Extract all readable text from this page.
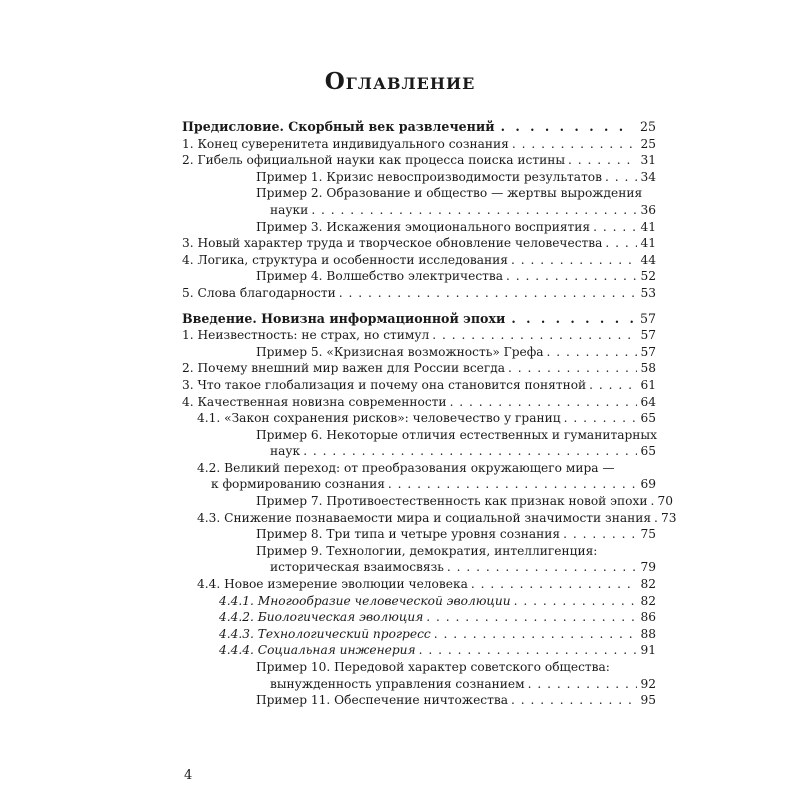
Оглавление
Предисловие. Скорбный век развлечений . . .	25
1. Конец суверенитета индивидуального сознания . . .	25
2. Гибель официальной науки как процесса поиска истины . . .	31
Пример 1. Кризис невоспроизводимости результатов . . .	34
Пример 2. Образование и общество — жертвы вырождения
науки . . .	36
Пример 3. Искажения эмоционального восприятия . . .	41
3. Новый характер труда и творческое обновление человечества . . .	41
4. Логика, структура и особенности исследования . . .	44
Пример 4. Волшебство электричества . . .	52
5. Слова благодарности . . .	53
Введение. Новизна информационной эпохи . . .	57
1. Неизвестность: не страх, но стимул . . .	57
Пример 5. «Кризисная возможность» Грефа . . .	57
2. Почему внешний мир важен для России всегда . . .	58
3. Что такое глобализация и почему она становится понятной . . .	61
4. Качественная новизна современности . . .	64
4.1. «Закон сохранения рисков»: человечество у границ . . .	65
Пример 6. Некоторые отличия естественных и гуманитарных
наук . . .	65
4.2. Великий переход: от преобразования окружающего мира —
к формированию сознания . . .	69
Пример 7. Противоестественность как признак новой эпохи . . . 70
4.3. Снижение познаваемости мира и социальной значимости знания . . . 73
Пример 8. Три типа и четыре уровня сознания . . .	75
Пример 9. Технологии, демократия, интеллигенция:
историческая взаимосвязь . . .	79
4.4. Новое измерение эволюции человека . . .	82
4.4.1. Многообразие человеческой эволюции . . .	82
4.4.2. Биологическая эволюция . . .	86
4.4.3. Технологический прогресс . . .	88
4.4.4. Социальная инженерия . . .	91
Пример 10. Передовой характер советского общества:
вынужденность управления сознанием . . .	92
Пример 11. Обеспечение ничтожества . . .	95
4
